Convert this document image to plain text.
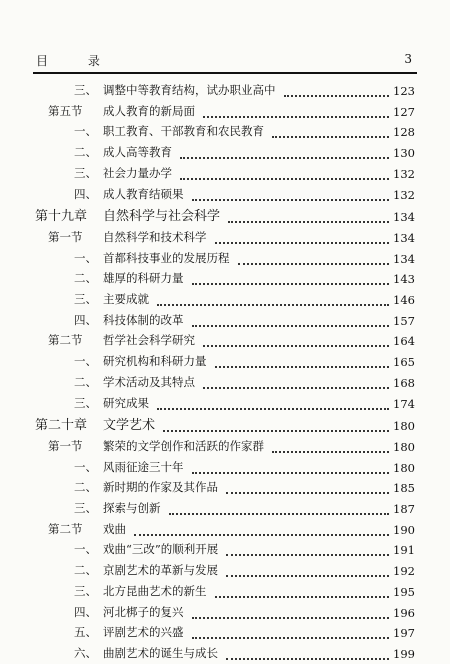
目 录	3
三、 调整中等教育结构，试办职业高中	123
第五节 成人教育的新局面	127
一、 职工教育、干部教育和农民教育	128
二、 成人高等教育	130
三、 社会力量办学	132
四、 成人教育结硕果	132
第十九章 自然科学与社会科学	134
第一节 自然科学和技术科学	134
一、 首都科技事业的发展历程	134
二、 雄厚的科研力量	143
三、 主要成就	146
四、 科技体制的改革	157
第二节 哲学社会科学研究	164
一、 研究机构和科研力量	165
二、 学术活动及其特点	168
三、 研究成果	174
第二十章 文学艺术	180
第一节 繁荣的文学创作和活跃的作家群	180
一、 风雨征途三十年	180
二、 新时期的作家及其作品	185
三、 探索与创新	187
第二节 戏曲	190
一、 戏曲“三改”的顺利开展	191
二、 京剧艺术的革新与发展	192
三、 北方昆曲艺术的新生	195
四、 河北梆子的复兴	196
五、 评剧艺术的兴盛	197
六、 曲剧艺术的诞生与成长	199
